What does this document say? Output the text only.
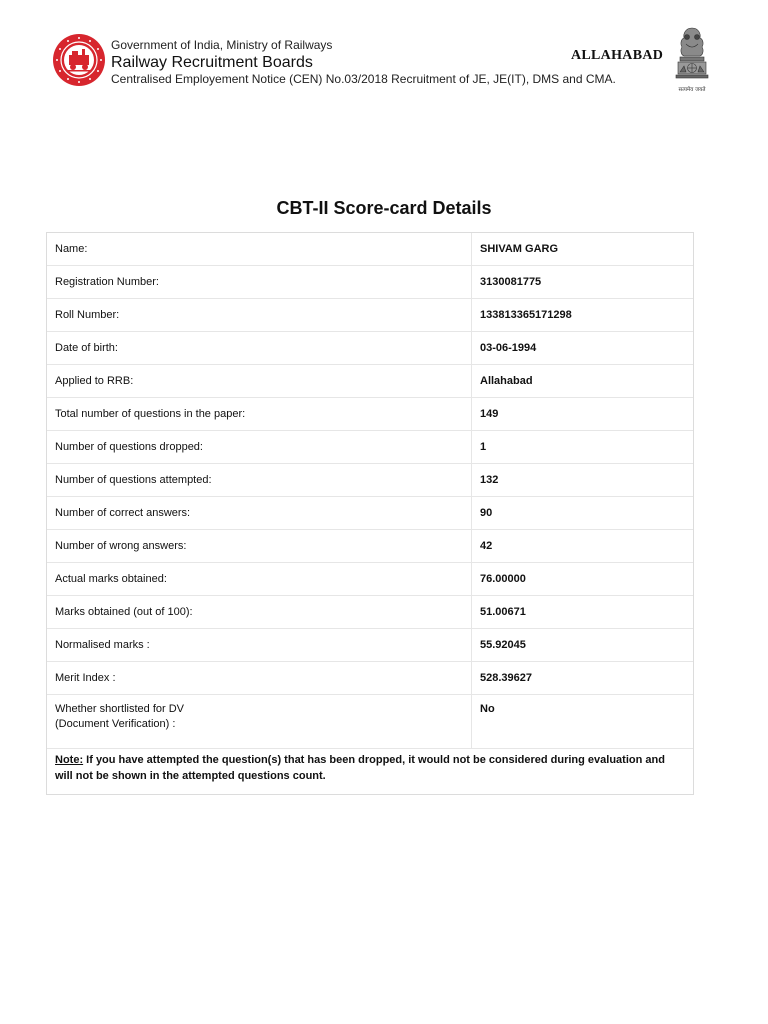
Government of India, Ministry of Railways
Railway Recruitment Boards
Centralised Employement Notice (CEN) No.03/2018 Recruitment of JE, JE(IT), DMS and CMA.
ALLAHABAD
सत्यमेव जयते
CBT-II Score-card Details
Name:	SHIVAM GARG
Registration Number:	3130081775
Roll Number:	133813365171298
Date of birth:	03-06-1994
Applied to RRB:	Allahabad
Total number of questions in the paper:	149
Number of questions dropped:	1
Number of questions attempted:	132
Number of correct answers:	90
Number of wrong answers:	42
Actual marks obtained:	76.00000
Marks obtained (out of 100):	51.00671
Normalised marks :	55.92045
Merit Index :	528.39627

Whether shortlisted for DV
(Document Verification) :	No
Note: If you have attempted the question(s) that has been dropped, it would not be considered during evaluation and will not be shown in the attempted questions count.
